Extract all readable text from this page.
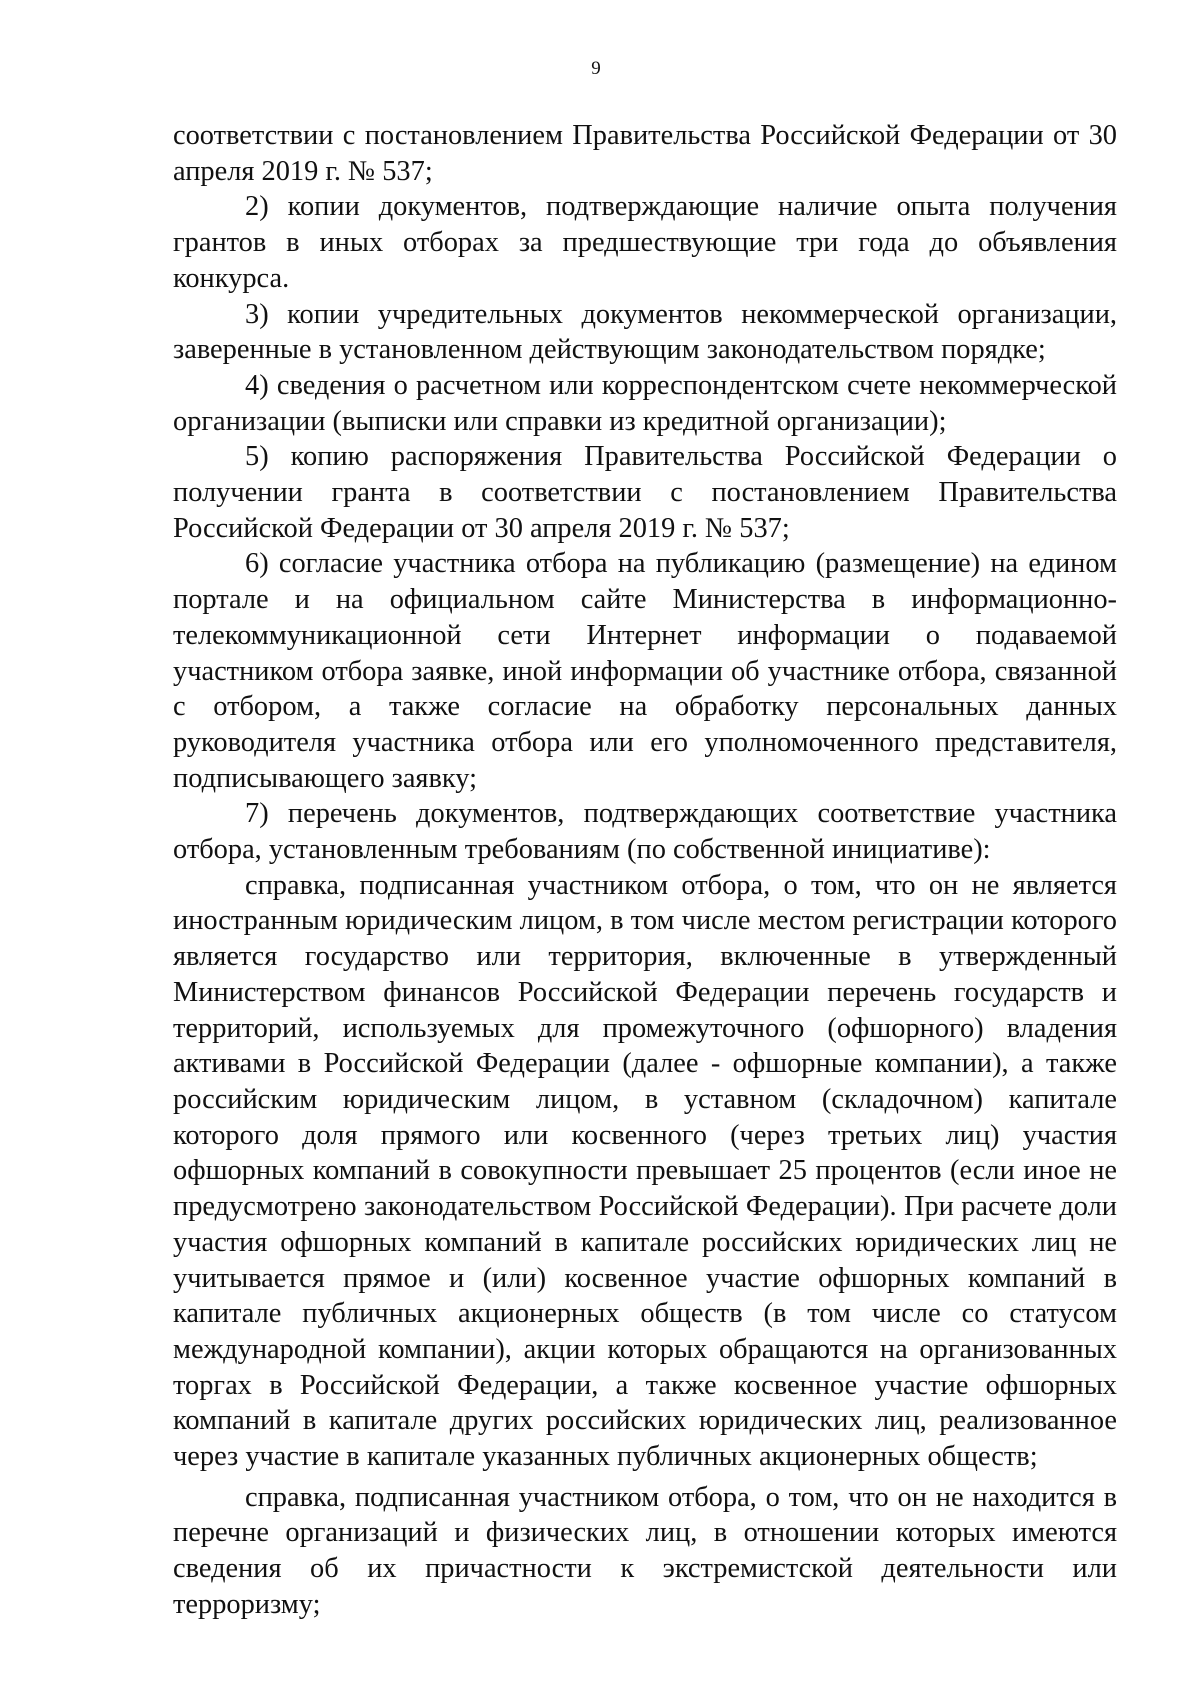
9

соответствии с постановлением Правительства Российской Федерации от 30 апреля 2019 г. № 537;

2) копии документов, подтверждающие наличие опыта получения грантов в иных отборах за предшествующие три года до объявления конкурса.

3) копии учредительных документов некоммерческой организации, заверенные в установленном действующим законодательством порядке;

4) сведения о расчетном или корреспондентском счете некоммерческой организации (выписки или справки из кредитной организации);

5) копию распоряжения Правительства Российской Федерации о получении гранта в соответствии с постановлением Правительства Российской Федерации от 30 апреля 2019 г. № 537;

6) согласие участника отбора на публикацию (размещение) на едином портале и на официальном сайте Министерства в информационно-телекоммуникационной сети Интернет информации о подаваемой участником отбора заявке, иной информации об участнике отбора, связанной с отбором, а также согласие на обработку персональных данных руководителя участника отбора или его уполномоченного представителя, подписывающего заявку;

7) перечень документов, подтверждающих соответствие участника отбора, установленным требованиям (по собственной инициативе):

справка, подписанная участником отбора, о том, что он не является иностранным юридическим лицом, в том числе местом регистрации которого является государство или территория, включенные в утвержденный Министерством финансов Российской Федерации перечень государств и территорий, используемых для промежуточного (офшорного) владения активами в Российской Федерации (далее - офшорные компании), а также российским юридическим лицом, в уставном (складочном) капитале которого доля прямого или косвенного (через третьих лиц) участия офшорных компаний в совокупности превышает 25 процентов (если иное не предусмотрено законодательством Российской Федерации). При расчете доли участия офшорных компаний в капитале российских юридических лиц не учитывается прямое и (или) косвенное участие офшорных компаний в капитале публичных акционерных обществ (в том числе со статусом международной компании), акции которых обращаются на организованных торгах в Российской Федерации, а также косвенное участие офшорных компаний в капитале других российских юридических лиц, реализованное через участие в капитале указанных публичных акционерных обществ;

справка, подписанная участником отбора, о том, что он не находится в перечне организаций и физических лиц, в отношении которых имеются сведения об их причастности к экстремистской деятельности или терроризму;
